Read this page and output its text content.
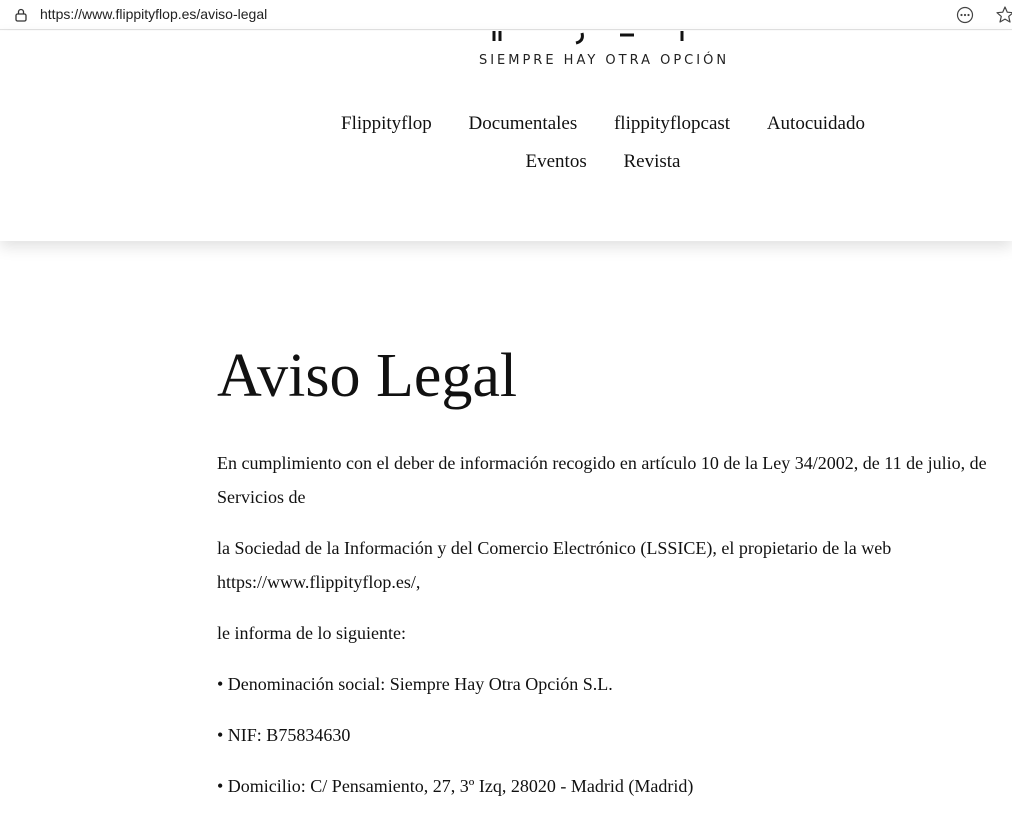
https://www.flippityflop.es/aviso-legal
SIEMPRE HAY OTRA OPCIÓN
Flippityflop Documentales flippityflopcast Autocuidado
Eventos Revista
Aviso Legal

En cumplimiento con el deber de información recogido en artículo 10 de la Ley 34/2002, de 11 de julio, de Servicios de

la Sociedad de la Información y del Comercio Electrónico (LSSICE), el propietario de la web https://www.flippityflop.es/,

le informa de lo siguiente:

• Denominación social: Siempre Hay Otra Opción S.L.

• NIF: B75834630

• Domicilio: C/ Pensamiento, 27, 3º Izq, 28020 - Madrid (Madrid)
